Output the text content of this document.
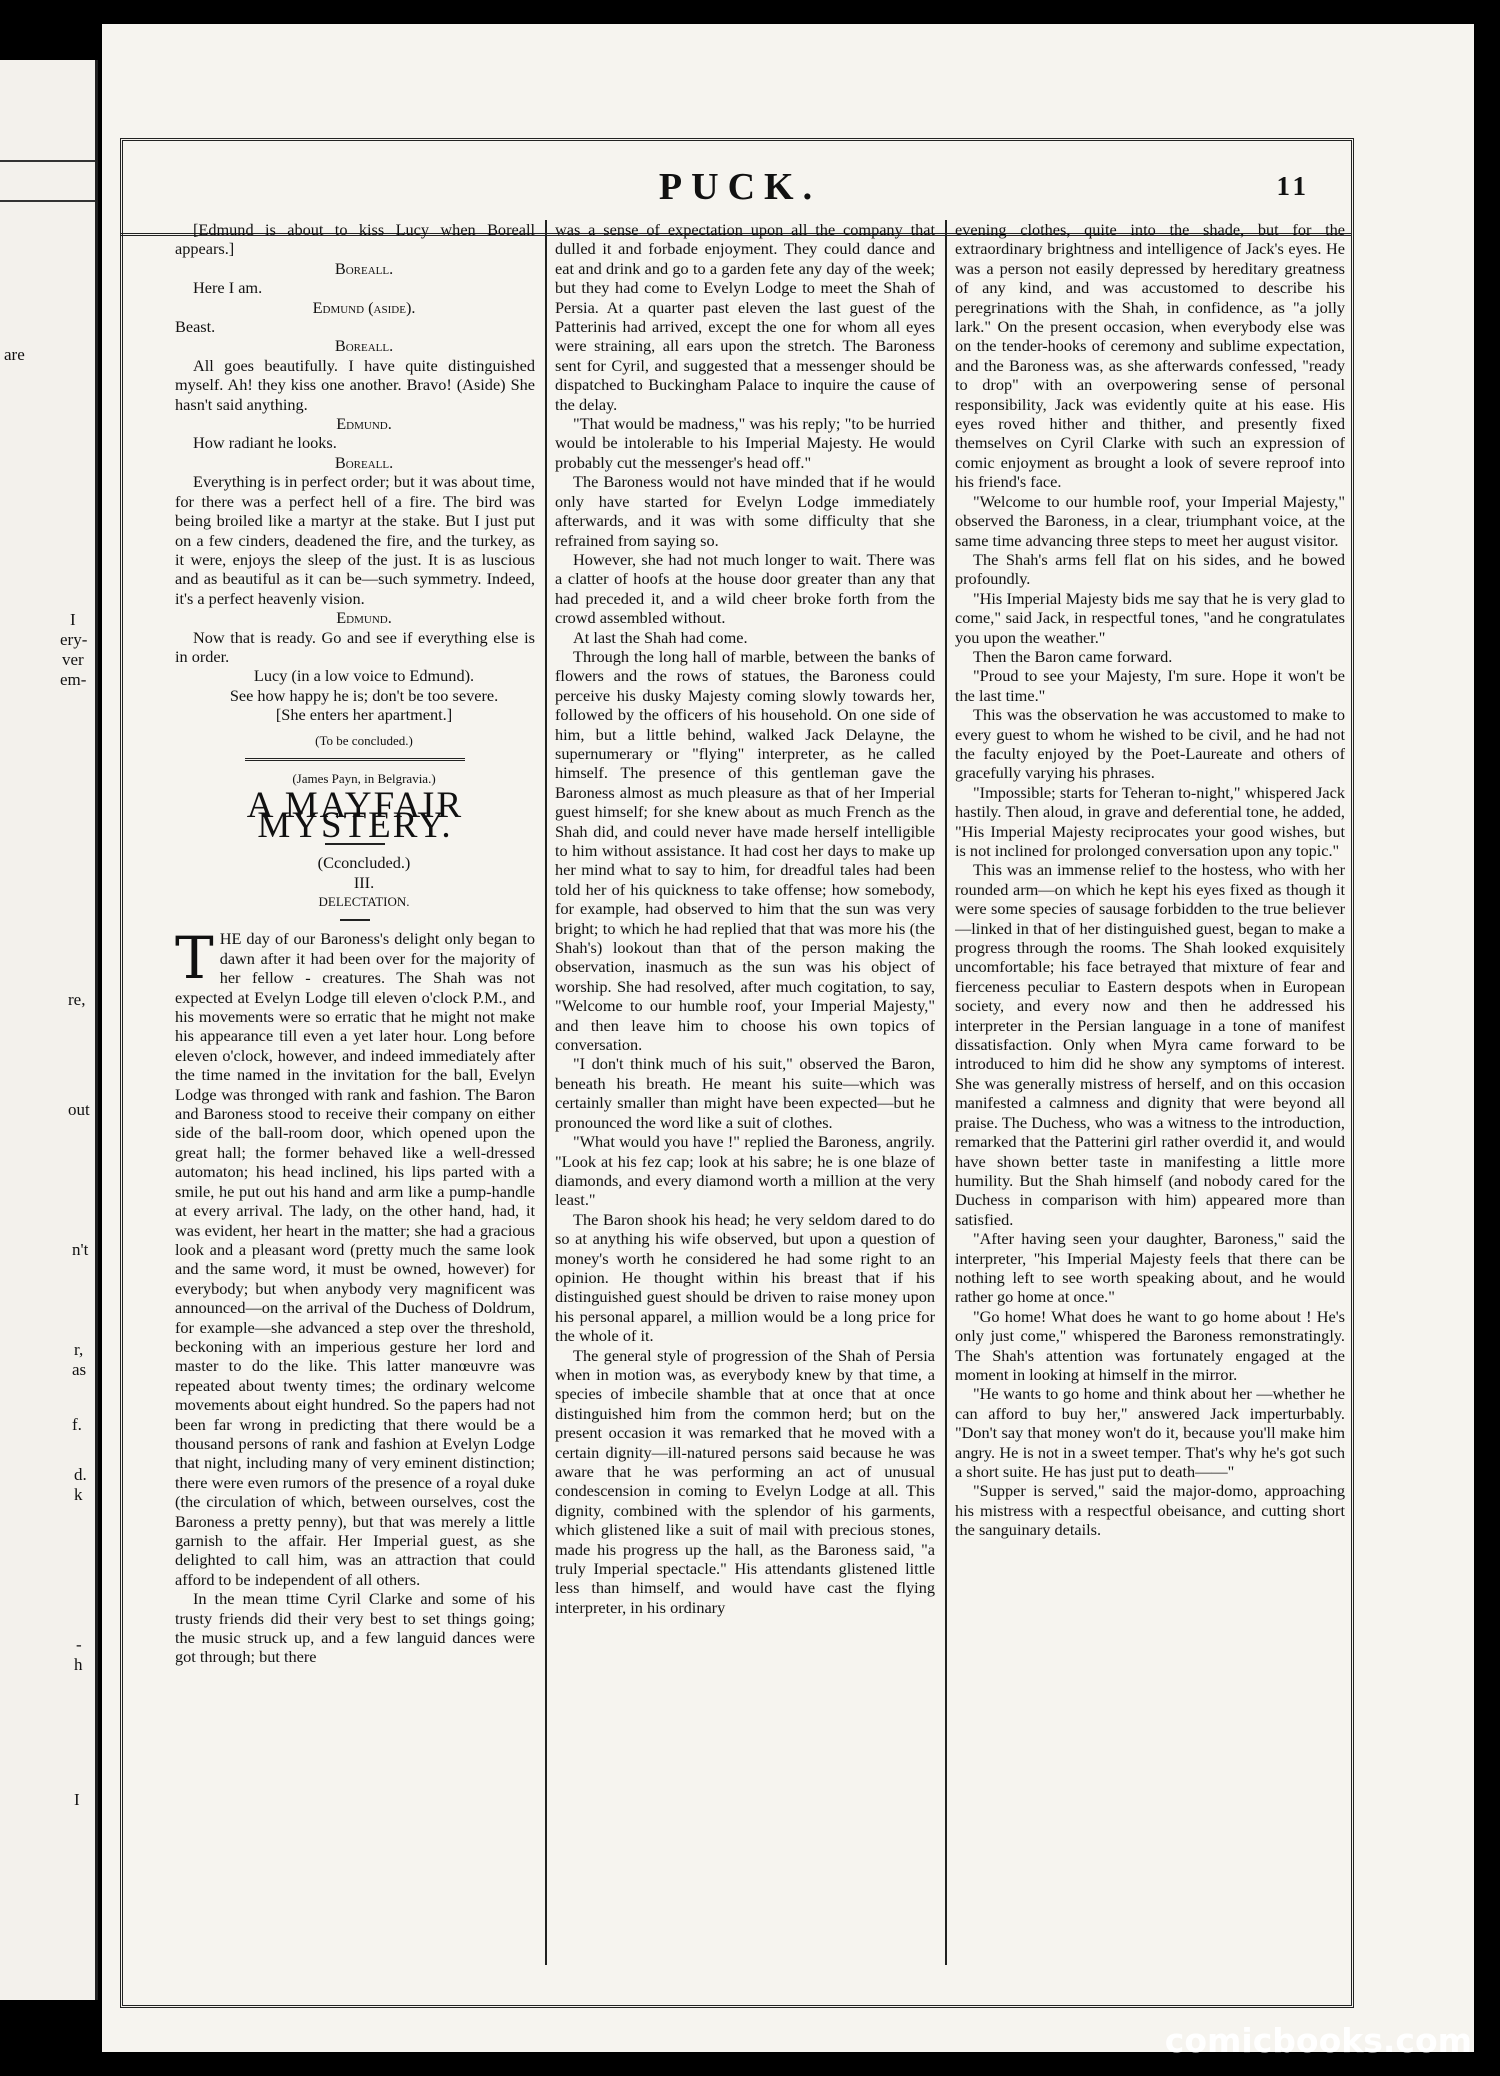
are
I
ery-
ver
em-
re,
out
n't
r,
as
f.
d.
k
-
h
I
PUCK.	11

[Edmund is about to kiss Lucy when Boreall appears.]

Boreall.

Here I am.

Edmund (aside).

Beast.

Boreall.

All goes beautifully. I have quite distinguished myself. Ah! they kiss one another. Bravo! (Aside) She hasn't said anything.

Edmund.

How radiant he looks.

Boreall.

Everything is in perfect order; but it was about time, for there was a perfect hell of a fire. The bird was being broiled like a martyr at the stake. But I just put on a few cinders, deadened the fire, and the turkey, as it were, enjoys the sleep of the just. It is as luscious and as beautiful as it can be—such symmetry. Indeed, it's a perfect heavenly vision.

Edmund.

Now that is ready. Go and see if everything else is in order.

Lucy (in a low voice to Edmund).

See how happy he is; don't be too severe.

[She enters her apartment.]

(To be concluded.)

(James Payn, in Belgravia.)

A MAYFAIR MYSTERY.

(Cconcluded.)

III.

DELECTATION.

THE day of our Baroness's delight only began to dawn after it had been over for the majority of her fellow - creatures. The Shah was not expected at Evelyn Lodge till eleven o'clock P.M., and his movements were so erratic that he might not make his appearance till even a yet later hour. Long before eleven o'clock, however, and indeed immediately after the time named in the invitation for the ball, Evelyn Lodge was thronged with rank and fashion. The Baron and Baroness stood to receive their company on either side of the ball-room door, which opened upon the great hall; the former behaved like a well-dressed automaton; his head inclined, his lips parted with a smile, he put out his hand and arm like a pump-handle at every arrival. The lady, on the other hand, had, it was evident, her heart in the matter; she had a gracious look and a pleasant word (pretty much the same look and the same word, it must be owned, however) for everybody; but when anybody very magnificent was announced—on the arrival of the Duchess of Doldrum, for example—she advanced a step over the threshold, beckoning with an imperious gesture her lord and master to do the like. This latter manœuvre was repeated about twenty times; the ordinary welcome movements about eight hundred. So the papers had not been far wrong in predicting that there would be a thousand persons of rank and fashion at Evelyn Lodge that night, including many of very eminent distinction; there were even rumors of the presence of a royal duke (the circulation of which, between ourselves, cost the Baroness a pretty penny), but that was merely a little garnish to the affair. Her Imperial guest, as she delighted to call him, was an attraction that could afford to be independent of all others.

In the mean ttime Cyril Clarke and some of his trusty friends did their very best to set things going; the music struck up, and a few languid dances were got through; but there

was a sense of expectation upon all the company that dulled it and forbade enjoyment. They could dance and eat and drink and go to a garden fete any day of the week; but they had come to Evelyn Lodge to meet the Shah of Persia. At a quarter past eleven the last guest of the Patterinis had arrived, except the one for whom all eyes were straining, all ears upon the stretch. The Baroness sent for Cyril, and suggested that a messenger should be dispatched to Buckingham Palace to inquire the cause of the delay.

"That would be madness," was his reply; "to be hurried would be intolerable to his Imperial Majesty. He would probably cut the messenger's head off."

The Baroness would not have minded that if he would only have started for Evelyn Lodge immediately afterwards, and it was with some difficulty that she refrained from saying so.

However, she had not much longer to wait. There was a clatter of hoofs at the house door greater than any that had preceded it, and a wild cheer broke forth from the crowd assembled without.

At last the Shah had come.

Through the long hall of marble, between the banks of flowers and the rows of statues, the Baroness could perceive his dusky Majesty coming slowly towards her, followed by the officers of his household. On one side of him, but a little behind, walked Jack Delayne, the supernumerary or "flying" interpreter, as he called himself. The presence of this gentleman gave the Baroness almost as much pleasure as that of her Imperial guest himself; for she knew about as much French as the Shah did, and could never have made herself intelligible to him without assistance. It had cost her days to make up her mind what to say to him, for dreadful tales had been told her of his quickness to take offense; how somebody, for example, had observed to him that the sun was very bright; to which he had replied that that was more his (the Shah's) lookout than that of the person making the observation, inasmuch as the sun was his object of worship. She had resolved, after much cogitation, to say, "Welcome to our humble roof, your Imperial Majesty," and then leave him to choose his own topics of conversation.

"I don't think much of his suit," observed the Baron, beneath his breath. He meant his suite—which was certainly smaller than might have been expected—but he pronounced the word like a suit of clothes.

"What would you have !" replied the Baroness, angrily. "Look at his fez cap; look at his sabre; he is one blaze of diamonds, and every diamond worth a million at the very least."

The Baron shook his head; he very seldom dared to do so at anything his wife observed, but upon a question of money's worth he considered he had some right to an opinion. He thought within his breast that if his distinguished guest should be driven to raise money upon his personal apparel, a million would be a long price for the whole of it.

The general style of progression of the Shah of Persia when in motion was, as everybody knew by that time, a species of imbecile shamble that at once that at once distinguished him from the common herd; but on the present occasion it was remarked that he moved with a certain dignity—ill-natured persons said because he was aware that he was performing an act of unusual condescension in coming to Evelyn Lodge at all. This dignity, combined with the splendor of his garments, which glistened like a suit of mail with precious stones, made his progress up the hall, as the Baroness said, "a truly Imperial spectacle." His attendants glistened little less than himself, and would have cast the flying interpreter, in his ordinary

evening clothes, quite into the shade, but for the extraordinary brightness and intelligence of Jack's eyes. He was a person not easily depressed by hereditary greatness of any kind, and was accustomed to describe his peregrinations with the Shah, in confidence, as "a jolly lark." On the present occasion, when everybody else was on the tender-hooks of ceremony and sublime expectation, and the Baroness was, as she afterwards confessed, "ready to drop" with an overpowering sense of personal responsibility, Jack was evidently quite at his ease. His eyes roved hither and thither, and presently fixed themselves on Cyril Clarke with such an expression of comic enjoyment as brought a look of severe reproof into his friend's face.

"Welcome to our humble roof, your Imperial Majesty," observed the Baroness, in a clear, triumphant voice, at the same time advancing three steps to meet her august visitor.

The Shah's arms fell flat on his sides, and he bowed profoundly.

"His Imperial Majesty bids me say that he is very glad to come," said Jack, in respectful tones, "and he congratulates you upon the weather."

Then the Baron came forward.

"Proud to see your Majesty, I'm sure. Hope it won't be the last time."

This was the observation he was accustomed to make to every guest to whom he wished to be civil, and he had not the faculty enjoyed by the Poet-Laureate and others of gracefully varying his phrases.

"Impossible; starts for Teheran to-night," whispered Jack hastily. Then aloud, in grave and deferential tone, he added, "His Imperial Majesty reciprocates your good wishes, but is not inclined for prolonged conversation upon any topic."

This was an immense relief to the hostess, who with her rounded arm—on which he kept his eyes fixed as though it were some species of sausage forbidden to the true believer—linked in that of her distinguished guest, began to make a progress through the rooms. The Shah looked exquisitely uncomfortable; his face betrayed that mixture of fear and fierceness peculiar to Eastern despots when in European society, and every now and then he addressed his interpreter in the Persian language in a tone of manifest dissatisfaction. Only when Myra came forward to be introduced to him did he show any symptoms of interest. She was generally mistress of herself, and on this occasion manifested a calmness and dignity that were beyond all praise. The Duchess, who was a witness to the introduction, remarked that the Patterini girl rather overdid it, and would have shown better taste in manifesting a little more humility. But the Shah himself (and nobody cared for the Duchess in comparison with him) appeared more than satisfied.

"After having seen your daughter, Baroness," said the interpreter, "his Imperial Majesty feels that there can be nothing left to see worth speaking about, and he would rather go home at once."

"Go home! What does he want to go home about ! He's only just come," whispered the Baroness remonstratingly. The Shah's attention was fortunately engaged at the moment in looking at himself in the mirror.

"He wants to go home and think about her —whether he can afford to buy her," answered Jack imperturbably. "Don't say that money won't do it, because you'll make him angry. He is not in a sweet temper. That's why he's got such a short suite. He has just put to death——"

"Supper is served," said the major-domo, approaching his mistress with a respectful obeisance, and cutting short the sanguinary details.

comicbooks.com
